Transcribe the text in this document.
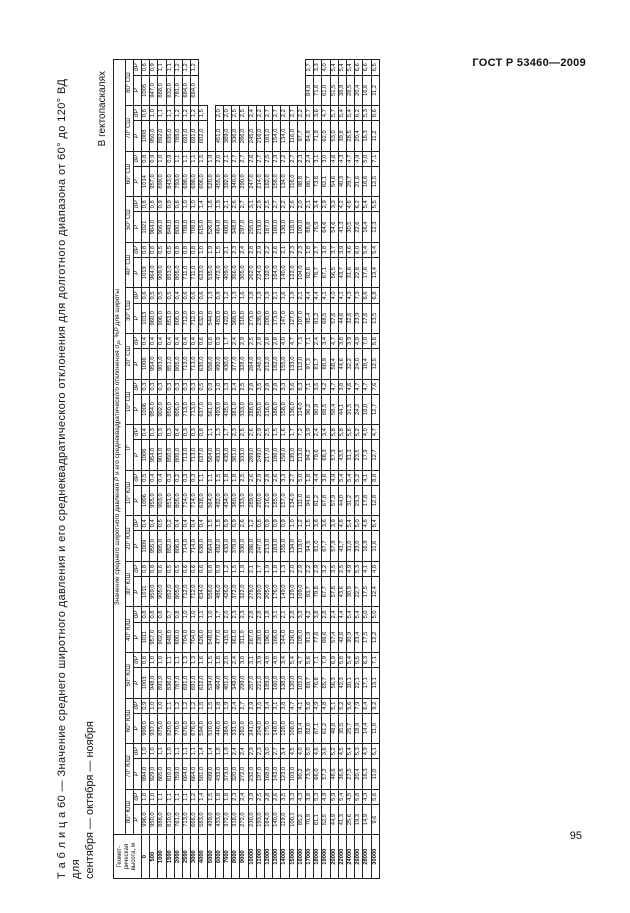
ГОСТ Р 53460—2009
Т а б л и ц а 60 — Значение среднего широтного давления и его среднеквадратического отклонения для долготного диапазона от 60° до 120° ВД для сентября — октября — ноября
В гектопаскалях
Геомет-рическая высота, м	Значение среднего широтного давления P и его среднеквадратического отклонения $\sigma_P$, %P для широты																																	
	80° ЮШ		70° ЮШ		60° ЮШ		50° ЮШ		40° ЮШ		30° ЮШ		20° ЮШ		10° ЮШ		0°		10° СШ		20° СШ		30° СШ		40° СШ		50° СШ		60° СШ		70° СШ		80° СШ	
	P	σP	P	σP	P	σP	P	σP	P	σP	P	σP	P	σP	P	σP	P	σP	P	σP	P	σP	P	σP	P	σP	P	σP	P	σP	P	σP	P	σP
0	996,0	1,0	994,0	1,0	999,0	0,9	1003	0,8	1011	0,8	1011	0,8	1009	0,4	1006	0,5	1006	0,4	1006	0,3	1006	0,4	1013	0,6	1019	0,8	1021	0,8	1014	0,8	1008	0,8	1005	0,8
500	950,0	1,0	929,0	1,0	937,0	1,0	948,0	1,0	957,0	0,8	959,0	0,8	955,0	0,4	955,0	0,4	954,0	0,3	954,0	0,3	954,0	0,4	960,0	0,5	964,0	0,8	964,0	0,8	957,0	0,9	950,0	1,0	947,0	0,9
1000	888,0	1,1	865,0	1,1	875,0	1,0	891,0	1,0	902,0	0,8	905,0	0,6	905,0	0,5	903,0	0,4	903,0	0,3	902,0	0,3	903,0	0,4	906,0	0,5	909,0	0,5	906,0	0,9	899,0	1,0	892,0	1,1	888,0	1,1
1500	810,0	1,1	810,0	1,0	820,0	1,1	836,0	1,1	848,0	0,7	852,0	0,5	852,0	0,2	851,0	0,3	850,0	0,3	850,0	0,3	851,0	0,4	853,0	0,5	853,0	0,5	849,0	0,9	843,0	0,9	835,0	1,1	832,0	1,1
2000	761,0	1,1	759,0	1,1	770,0	1,2	787,0	1,1	800,0	0,8	805,0	0,5	806,0	0,4	805,0	0,2	805,0	0,4	805,0	0,3	805,0	0,4	805,0	0,4	805,0	0,8	800,0	0,8	793,0	1,1	785,0	1,2	781,0	1,2
2500	713,0	1,1	664,0	1,1	676,0	1,2	691,0	1,3	704,0	1,0	712,0	0,6	714,0	0,4	714,0	0,3	713,0	0,3	713,0	0,3	713,0	0,4	712,0	0,6	711,0	0,8	708,0	1,0	698,0	1,1	691,0	1,2	684,0	1,2
3000	666,0	1,2	664,0	1,1	676,0	1,2	691,0	1,3	704,0	1,0	712,0	0,6	714,0	0,4	714,0	0,3	713,0	0,3	713,0	0,3	713,0	0,4	712,0	0,6	711,0	0,8	708,0	1,0	698,0	1,1	691,0	1,2	684,0	1,2
4000	583,0	1,4	581,0	1,4	594,0	1,5	612,0	1,6	626,0	1,1	634,0	0,6	638,0	0,4	638,0	1,1	637,0	0,8	637,0	0,5	635,0	0,6	632,0	0,6	623,0	1,0	615,0	1,4	606,0	1,5	602,0	1,5		
5000	499,0	1,5	499,0	1,4	510,0	1,5	534,0	1,5	548,0	1,0	558,0	0,8	564,0	1,5	564,0	1,1	564,0	1,1	561,0	0,9	556,0	0,8	544,0	1,3	535,0	1,9	526,0	1,8	520,0	1,9				
6000	433,0	1,8	433,0	1,8	446,0	1,8	464,0	1,8	477,0	1,7	486,0	0,9	492,0	1,8	492,0	1,5	493,0	1,3	493,0	1,0	490,0	0,9	483,0	0,9	472,0	1,5	464,0	1,9	455,0	2,0	451,0	2,0		
7000	372,0	1,8	373,0	1,9	384,0	1,9	401,0	2,0	415,0	2,0	426,0	1,2	433,0	0,9	434,0	1,8	435,0	1,7	435,0	1,3	430,0	1,7	422,0	1,2	409,0	2,1	400,0	2,1	392,0	2,1	389,0	2,0		
8000	318,0	2,3	320,0	2,4	331,0	2,4	349,0	2,4	361,0	2,3	372,0	1,5	379,0	0,9	380,0	1,8	381,0	2,3	381,0	2,4	377,0	2,4	368,0	1,3	356,0	2,3	348,0	2,6	340,0	2,7	336,0	2,5		
9000	272,0	2,4	272,0	2,4	282,0	2,7	299,0	3,0	311,0	2,3	322,0	1,9	330,0	2,6	333,0	2,5	333,0	2,5	333,0	2,5	328,0	2,9	318,0	1,6	305,0	2,4	297,0	2,7	290,0	2,7	286,0	2,5		
10000	230,0	3,9	232,0	2,9	241,0	2,9	257,0	3,1	267,0	2,8	278,0	2,1	286,0	1,2	289,0	2,6	289,0	2,6	288,0	2,8	284,0	2,5	273,0	1,8	262,0	2,8	255,0	3,1	247,0	2,6	245,0	2,4		
11000	193,0	2,5	197,0	2,3	204,0	3,5	221,0	3,9	230,0	2,8	239,0	1,7	247,0	0,8	250,0	2,9	249,0	2,9	250,0	3,5	246,0	2,9	235,0	1,9	224,0	2,9	219,0	2,9	214,0	2,7	216,0	2,2		
12000	164,0	2,8	168,0	3,0	175,0	3,4	189,0	4,0	196,0	1,8	205,0	1,9	213,0	0,9	216,0	2,8	217,0	2,5	216,0	2,8	212,0	2,8	200,0	1,9	192,0	2,2	187,0	2,5	182,0	2,5	181,0	2,7		
13000	140,0	2,6	143,0	2,7	148,0	3,1	160,0	4,0	166,0	3,1	176,0	1,8	183,0	0,9	185,0	2,6	186,0	1,5	186,0	2,8	182,0	2,8	173,0	2,1	164,0	2,6	160,0	2,7	158,0	2,9	154,0	2,7		
14000	119,0	3,5	123,0	3,4	128,0	3,8	138,0	3,4	144,0	2,1	149,0	1,3	155,0	0,9	157,0	3,3	156,0	1,6	158,0	3,3	155,0	4,0	147,0	1,6	140,0	2,1	138,0	2,2	134,0	2,2	134,0	2,2		
15000	100,1	3,3	103,0	4,5	108,0	4,7	120,0	5,4	126,0	2,8	129,0	2,0	134,0	1,0	134,0	2,7	135,0	1,7	136,0	5,6	133,0	4,7	127,0	1,9	122,0	2,3	118,0	2,6	116,0	2,7	116,0	2,7		
16000	85,2	4,3	90,2	4,0	93,4	4,1	101,0	4,7	105,0	3,3	109,0	2,9	113,0	1,2	111,0	5,0	113,0	7,2	114,0	8,3	112,0	7,3	107,0	2,1	104,0	2,3	100,0	2,0	98,8	2,3	97,7	2,2		
17000	70,9	3,8	73,9	5,0	82,0	5,6	89,7	5,6	91,9	4,2	93,7	2,2	94,5	1,5	94,6	1,8	94,2	3,9	96,2	7,1	97,3	7,1	95,4	4,4	92,6	1,8	88,8	2,1	86,7	2,4	84,8	2,7	84,8	2,7
18000	61,1	5,3	66,0	4,6	67,1	4,9	76,8	7,1	77,6	3,8	79,8	2,9	81,0	3,8	81,2	4,4	79,6	2,4	80,9	3,5	81,7	2,4	81,2	4,4	78,7	2,7	75,9	3,4	73,6	3,1	71,9	3,6	71,6	3,3
19000	52,5	4,9	57,2	3,6	61,2	4,8	65,7	7,9	66,6	2,8	67,7	3,2	67,7	3,6	67,8	3,6	68,3	3,4	68,5	4,2	68,9	3,4	68,5	4,1	67,1	3,8	64,6	2,9	62,1	3,0	62,0	4,7	61,0	4,0
20000	44,9	5,9	48,6	5,2	48,8	5,1	56,3	6,9	57,4	2,4	57,8	3,5	57,9	3,9	57,9	4,9	57,3	5,8	58,4	4,7	58,4	4,7	57,6	4,0	56,5	3,7	54,6	3,3	54,6	4,6	53,0	5,7	51,5	5,4
22000	41,3	5,4	36,6	4,5	35,5	5,2	42,3	5,8	42,6	4,4	43,6	2,5	43,7	4,6	44,0	5,4	43,5	5,8	44,1	3,8	44,6	3,8	44,6	4,1	43,7	3,9	41,3	4,2	40,3	4,3	39,8	5,4	38,9	5,4
24000	25,6	4,5	27,5	5,4	25,7	5,6	30,1	5,4	30,9	5,4	30,9	4,9	31,0	5,4	31,2	5,4	31,3	5,6	31,5	4,6	32,2	3,9	32,6	4,3	31,6	4,6	30,5	4,6	29,7	4,7	28,5	5,4	28,5	5,4
26000	19,3	5,8	20,4	5,3	18,9	7,9	22,1	5,5	23,4	5,4	22,7	5,3	23,0	5,0	23,3	5,2	23,5	5,2	24,2	4,7	24,0	4,9	23,9	7,3	22,8	6,0	22,6	6,2	21,6	4,9	20,4	6,2	20,4	6,6
28000	14,9	4,3	16,3	4,9	14,4	6,4	17,1	6,3	17,5	5,0	17,5	4,1	16,9	4,8	17,8	4,1	17,9	4,0	18,0	4,7	18,4	7,0	17,6	6,6	17,6	5,4	16,4	5,4	16,6	5,0	16,3	5,3	16,6	6,6
30000	9,6	5,6	11,0	5,1	11,0	9,2	13,1	7,1	12,2	5,0	12,4	4,8	11,6	8,4	12,8	8,8	12,7	4,7	12,7	7,6	12,5	5,6	13,5	6,8	13,4	5,4	12,3	5,5	12,5	7,1	11,2	8,6	11,2	6,5
95
